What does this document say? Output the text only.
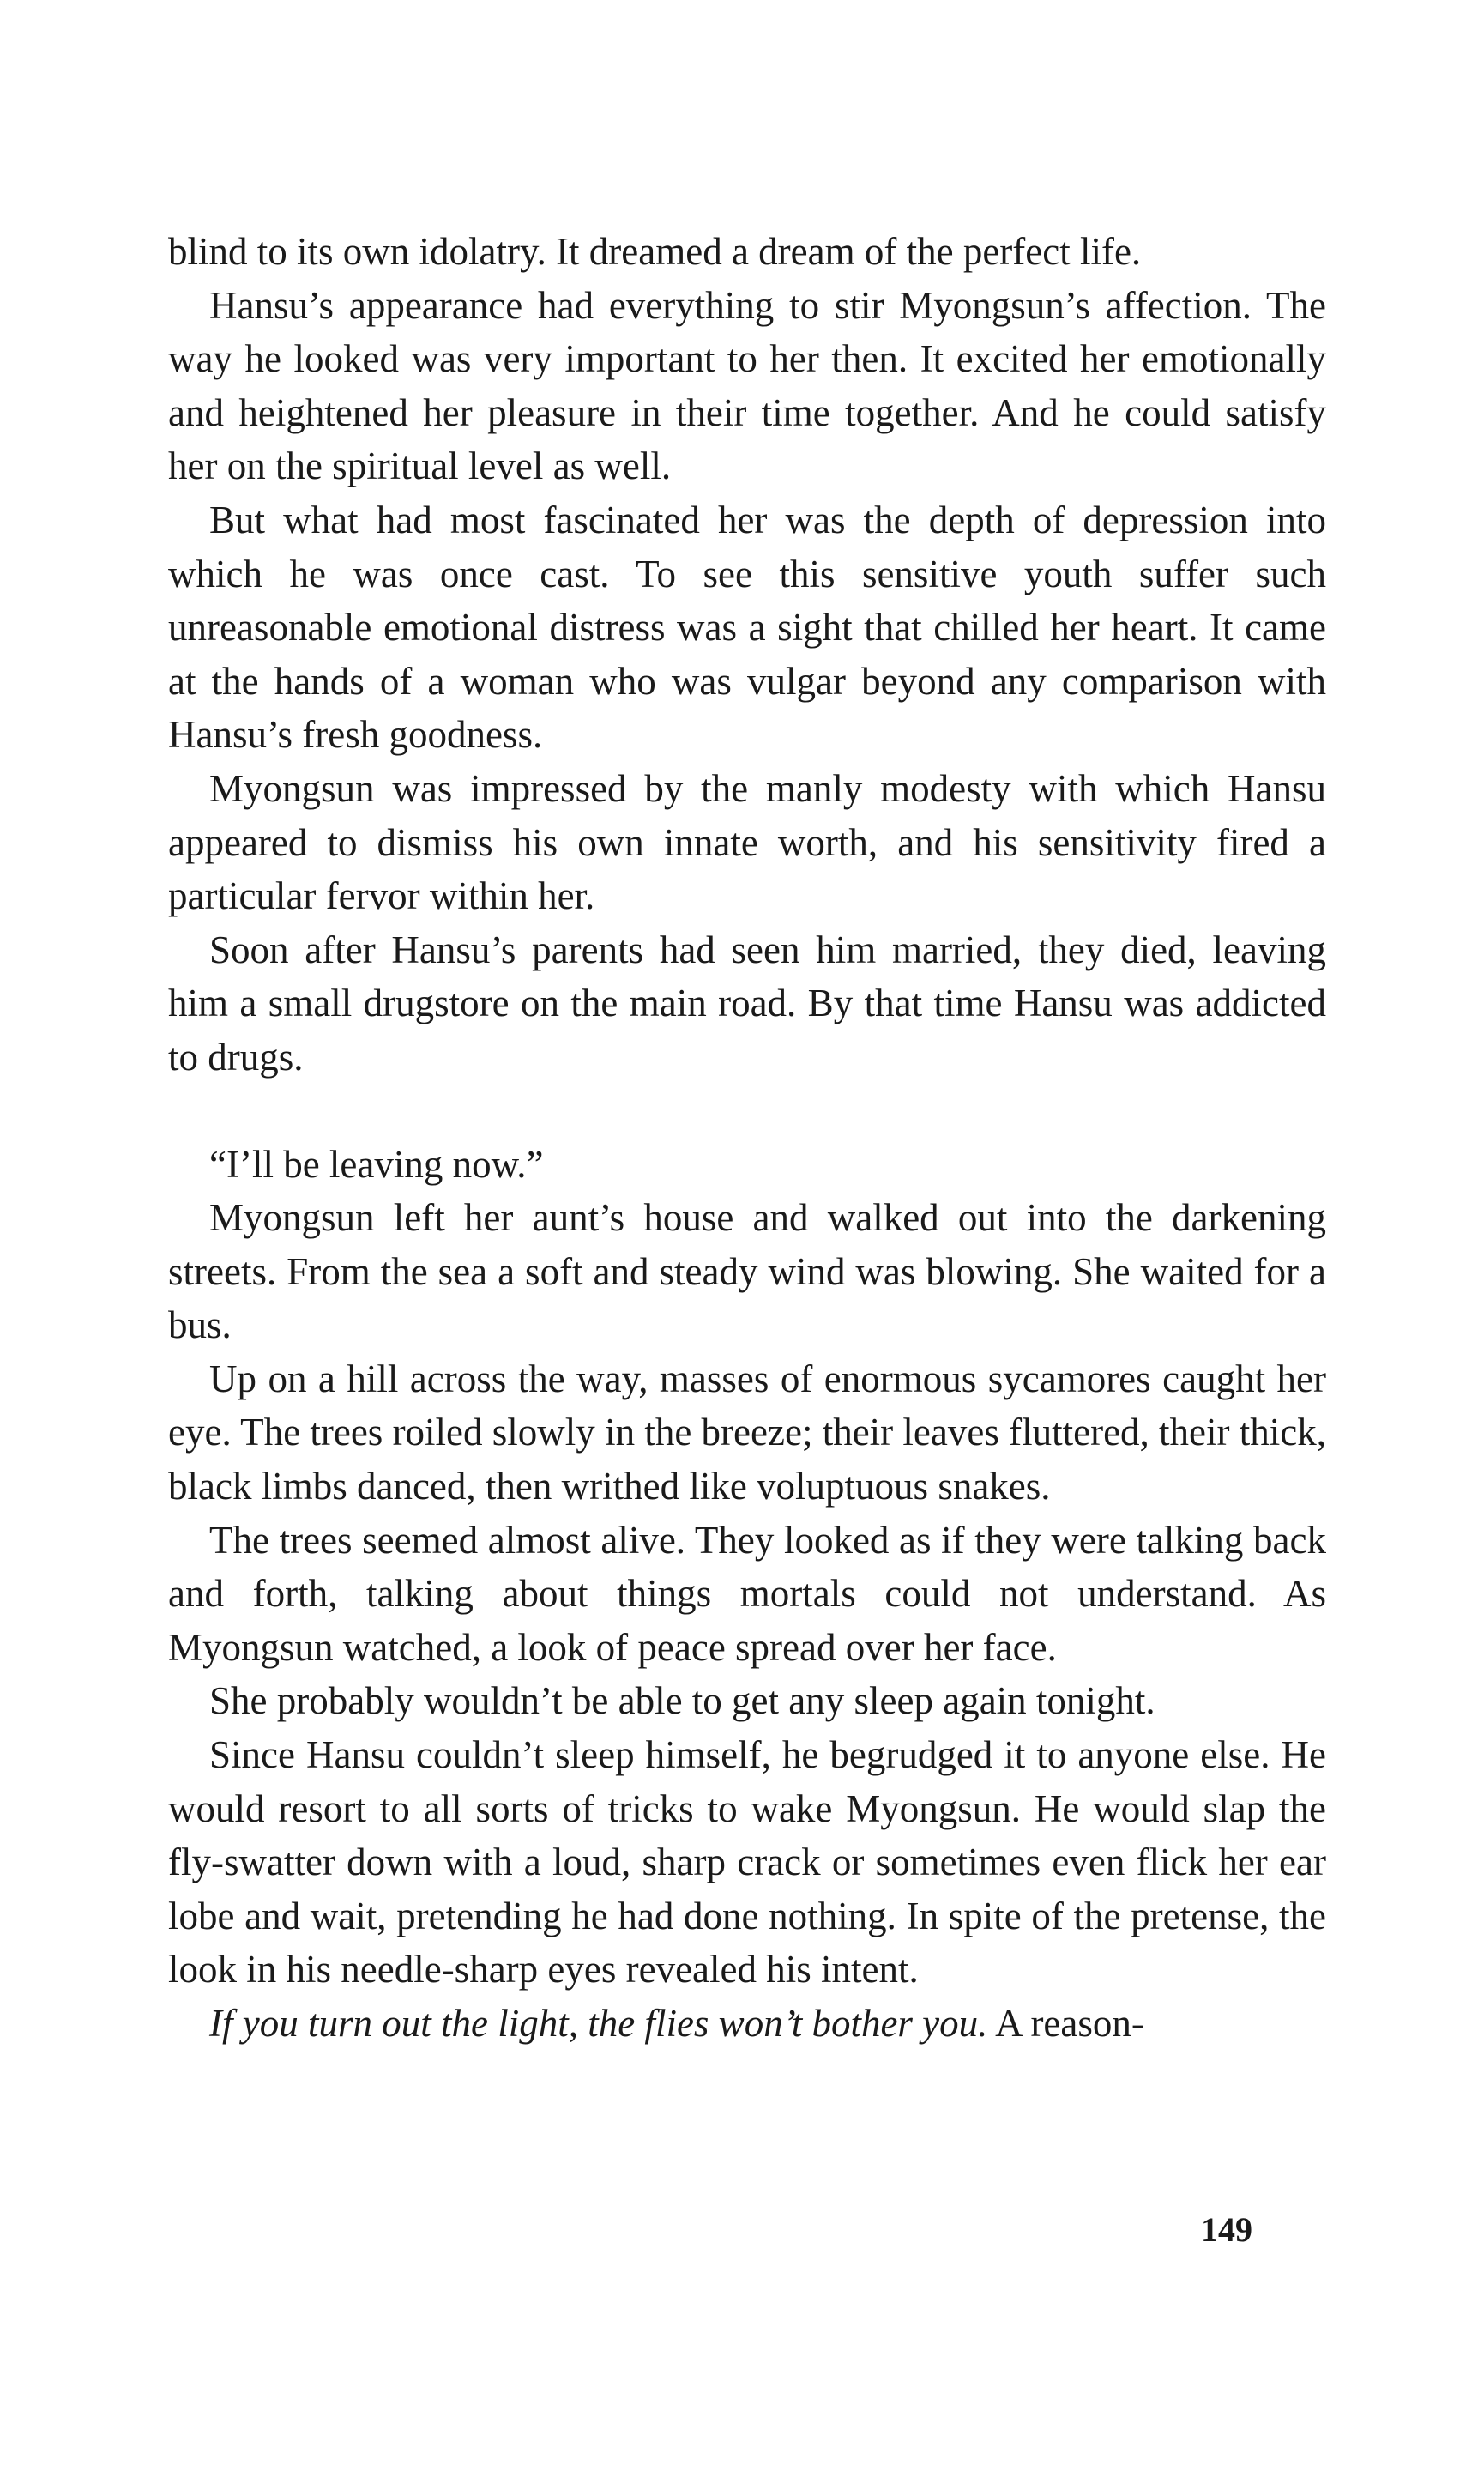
blind to its own idolatry. It dreamed a dream of the perfect life.

Hansu’s appearance had everything to stir Myongsun’s affection. The way he looked was very important to her then. It excited her emotionally and heightened her pleasure in their time together. And he could satisfy her on the spiritual level as well.

But what had most fascinated her was the depth of depression into which he was once cast. To see this sensitive youth suffer such unreasonable emotional distress was a sight that chilled her heart. It came at the hands of a woman who was vulgar beyond any comparison with Hansu’s fresh goodness.

Myongsun was impressed by the manly modesty with which Hansu appeared to dismiss his own innate worth, and his sensitivity fired a particular fervor within her.

Soon after Hansu’s parents had seen him married, they died, leaving him a small drugstore on the main road. By that time Hansu was addicted to drugs.

“I’ll be leaving now.”

Myongsun left her aunt’s house and walked out into the darkening streets. From the sea a soft and steady wind was blowing. She waited for a bus.

Up on a hill across the way, masses of enormous sycamores caught her eye. The trees roiled slowly in the breeze; their leaves fluttered, their thick, black limbs danced, then writhed like voluptuous snakes.

The trees seemed almost alive. They looked as if they were talking back and forth, talking about things mortals could not understand. As Myongsun watched, a look of peace spread over her face.

She probably wouldn’t be able to get any sleep again tonight.

Since Hansu couldn’t sleep himself, he begrudged it to anyone else. He would resort to all sorts of tricks to wake Myongsun. He would slap the fly-swatter down with a loud, sharp crack or sometimes even flick her ear lobe and wait, pretending he had done nothing. In spite of the pretense, the look in his needle-sharp eyes revealed his intent.

If you turn out the light, the flies won’t bother you. A reason-

149
